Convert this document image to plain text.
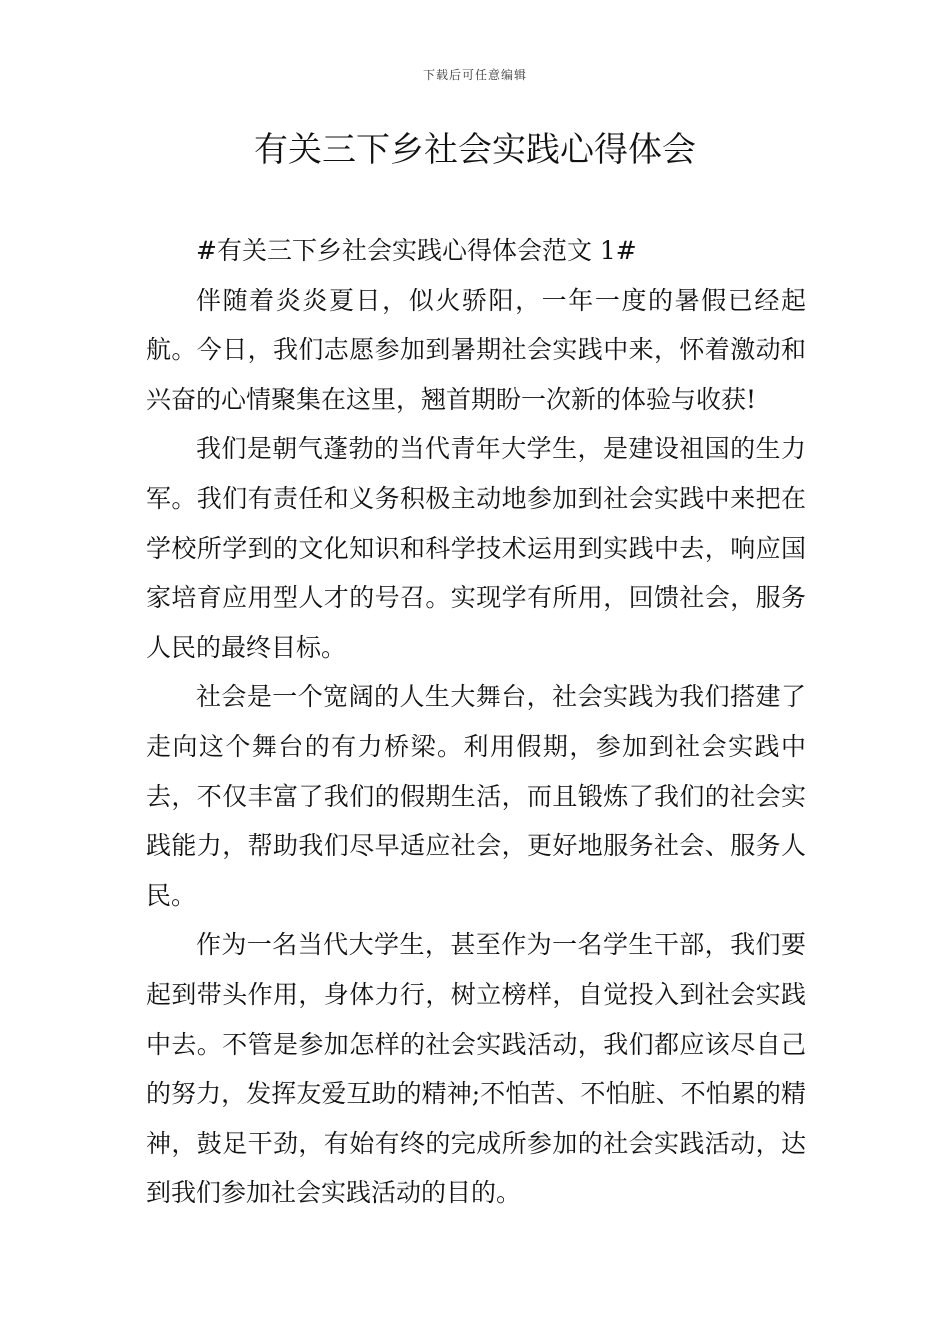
下载后可任意编辑
有关三下乡社会实践心得体会

#有关三下乡社会实践心得体会范文 1#

伴随着炎炎夏日，似火骄阳，一年一度的暑假已经起航。今日，我们志愿参加到暑期社会实践中来，怀着激动和兴奋的心情聚集在这里，翘首期盼一次新的体验与收获!

我们是朝气蓬勃的当代青年大学生，是建设祖国的生力军。我们有责任和义务积极主动地参加到社会实践中来把在学校所学到的文化知识和科学技术运用到实践中去，响应国家培育应用型人才的号召。实现学有所用，回馈社会，服务人民的最终目标。

社会是一个宽阔的人生大舞台，社会实践为我们搭建了走向这个舞台的有力桥梁。利用假期，参加到社会实践中去，不仅丰富了我们的假期生活，而且锻炼了我们的社会实践能力，帮助我们尽早适应社会，更好地服务社会、服务人民。

作为一名当代大学生，甚至作为一名学生干部，我们要起到带头作用，身体力行，树立榜样，自觉投入到社会实践中去。不管是参加怎样的社会实践活动，我们都应该尽自己的努力，发挥友爱互助的精神;不怕苦、不怕脏、不怕累的精神，鼓足干劲，有始有终的完成所参加的社会实践活动，达到我们参加社会实践活动的目的。
